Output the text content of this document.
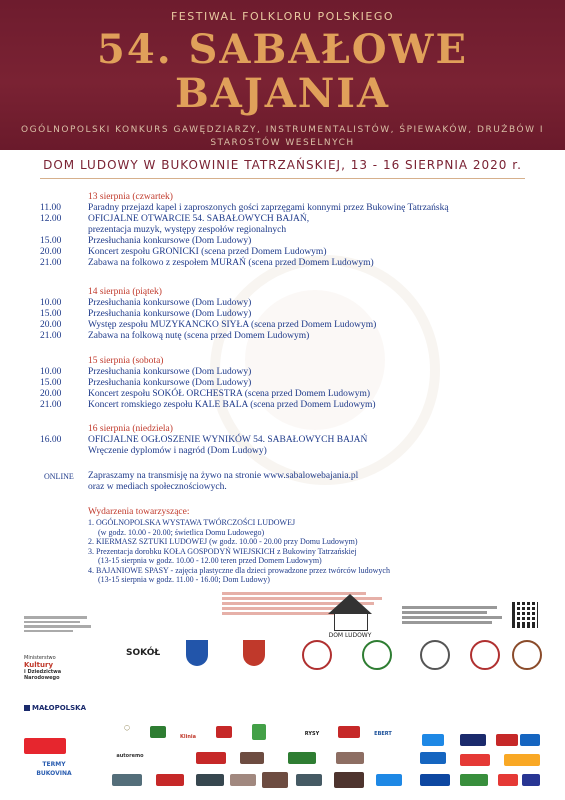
FESTIWAL FOLKLORU POLSKIEGO
54. SABAŁOWE
BAJANIA
OGÓLNOPOLSKI KONKURS GAWĘDZIARZY, INSTRUMENTALISTÓW, ŚPIEWAKÓW, DRUŻBÓW I STAROSTÓW WESELNYCH
DOM LUDOWY W BUKOWINIE TATRZAŃSKIEJ, 13 - 16 SIERPNIA 2020 r.
13 sierpnia (czwartek)
11.00	Paradny przejazd kapel i zaproszonych gości zaprzęgami konnymi przez Bukowinę Tatrzańską
12.00	OFICJALNE OTWARCIE 54. SABAŁOWYCH BAJAŃ,
prezentacja muzyk, występy zespołów regionalnych
15.00	Przesłuchania konkursowe (Dom Ludowy)
20.00	Koncert zespołu GRONICKI (scena przed Domem Ludowym)
21.00	Zabawa na folkowo z zespołem MURAŃ (scena przed Domem Ludowym)
14 sierpnia (piątek)
10.00	Przesłuchania konkursowe (Dom Ludowy)
15.00	Przesłuchania konkursowe (Dom Ludowy)
20.00	Występ zespołu MUZYKANCKO SIYŁA (scena przed Domem Ludowym)
21.00	Zabawa na folkową nutę (scena przed Domem Ludowym)
15 sierpnia (sobota)
10.00	Przesłuchania konkursowe (Dom Ludowy)
15.00	Przesłuchania konkursowe (Dom Ludowy)
20.00	Koncert zespołu SOKÓŁ ORCHESTRA (scena przed Domem Ludowym)
21.00	Koncert romskiego zespołu KALE BALA (scena przed Domem Ludowym)
16 sierpnia (niedziela)
16.00	OFICJALNE OGŁOSZENIE WYNIKÓW 54. SABAŁOWYCH BAJAŃ
Wręczenie dyplomów i nagród (Dom Ludowy)
ONLINE Zapraszamy na transmisję na żywo na stronie www.sabalowebajania.pl
oraz w mediach społecznościowych.
Wydarzenia towarzyszące:
1. OGÓLNOPOLSKA WYSTAWA TWÓRCZOŚCI LUDOWEJ
(w godz. 10.00 - 20.00; świetlica Domu Ludowego)
2. KIERMASZ SZTUKI LUDOWEJ (w godz. 10.00 - 20.00 przy Domu Ludowym)
3. Prezentacja dorobku KOŁA GOSPODYŃ WIEJSKICH z Bukowiny Tatrzańskiej
(13-15 sierpnia w godz. 10.00 - 12.00 teren przed Domem Ludowym)
4. BAJANIOWE SPASY - zajęcia plastyczne dla dzieci prowadzone przez twórców ludowych
(13-15 sierpnia w godz. 11.00 - 16.00; Dom Ludowy)
DOM LUDOWY
Ministerstwo
Kultury
i Dziedzictwa
Narodowego
MAŁOPOLSKA
SOKÓŁ
TERMY BUKOVINA
◯
Klinia	RYSY	EBERT
autoremo
